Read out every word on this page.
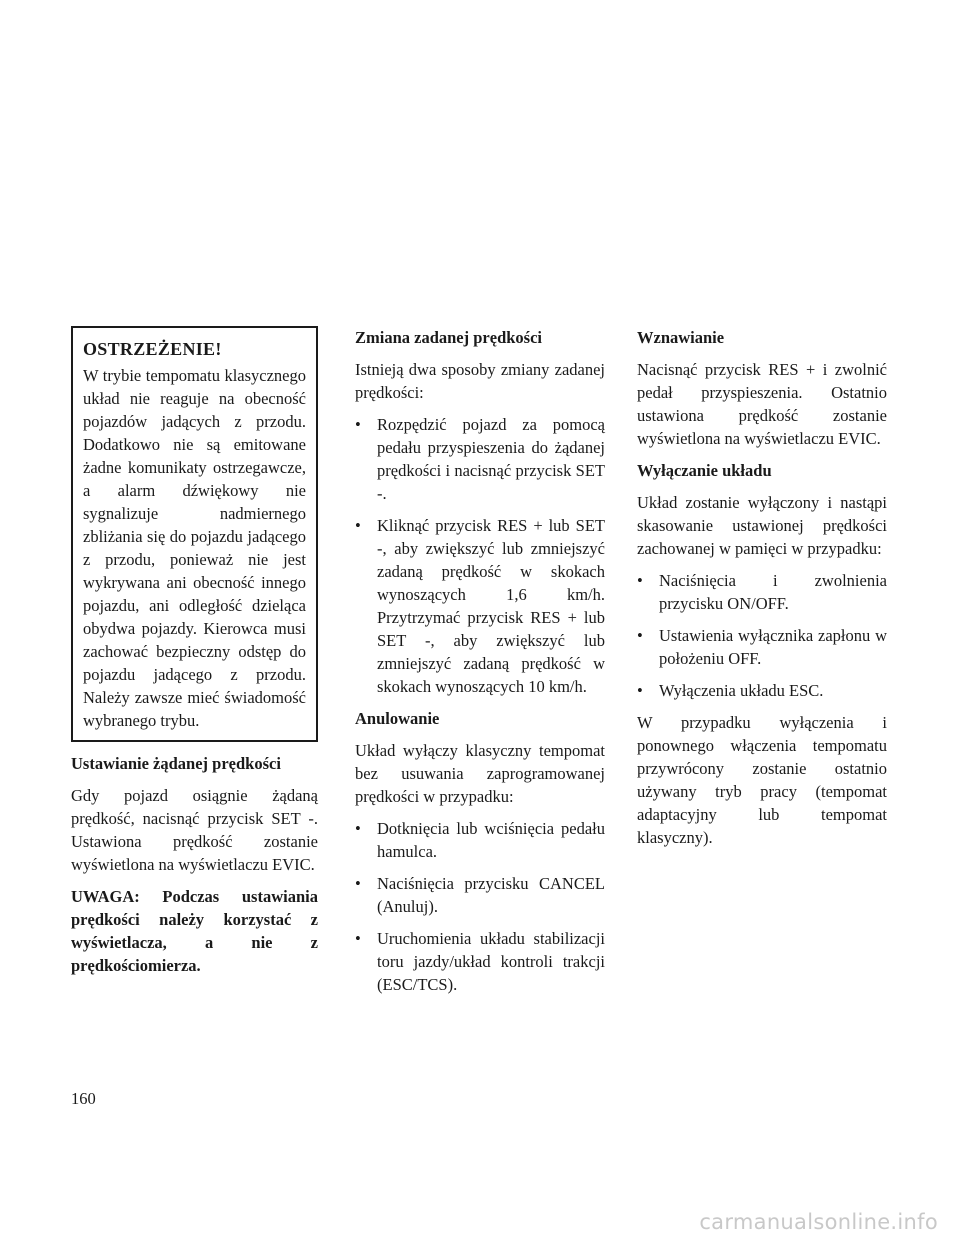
OSTRZEŻENIE!

W trybie tempomatu klasycznego układ nie reaguje na obecność pojazdów jadących z przodu. Dodatkowo nie są emitowane żadne komunikaty ostrzegawcze, a alarm dźwiękowy nie sygnalizuje nadmiernego zbliżania się do pojazdu jadącego z przodu, ponieważ nie jest wykrywana ani obecność innego pojazdu, ani odległość dzieląca obydwa pojazdy. Kierowca musi zachować bezpieczny odstęp do pojazdu jadącego z przodu. Należy zawsze mieć świadomość wybranego trybu.

Ustawianie żądanej prędkości

Gdy pojazd osiągnie żądaną prędkość, nacisnąć przycisk SET -. Ustawiona prędkość zostanie wyświetlona na wyświetlaczu EVIC.

UWAGA: Podczas ustawiania prędkości należy korzystać z wyświetlacza, a nie z prędkościomierza.

Zmiana zadanej prędkości

Istnieją dwa sposoby zmiany zadanej prędkości:

• Rozpędzić pojazd za pomocą pedału przyspieszenia do żądanej prędkości i nacisnąć przycisk SET -.
• Kliknąć przycisk RES + lub SET -, aby zwiększyć lub zmniejszyć zadaną prędkość w skokach wynoszących 1,6 km/h. Przytrzymać przycisk RES + lub SET -, aby zwiększyć lub zmniejszyć zadaną prędkość w skokach wynoszących 10 km/h.
Anulowanie

Układ wyłączy klasyczny tempomat bez usuwania zaprogramowanej prędkości w przypadku:

• Dotknięcia lub wciśnięcia pedału hamulca.
• Naciśnięcia przycisku CANCEL (Anuluj).
• Uruchomienia układu stabilizacji toru jazdy/układ kontroli trakcji (ESC/TCS).
Wznawianie

Nacisnąć przycisk RES + i zwolnić pedał przyspieszenia. Ostatnio ustawiona prędkość zostanie wyświetlona na wyświetlaczu EVIC.

Wyłączanie układu

Układ zostanie wyłączony i nastąpi skasowanie ustawionej prędkości zachowanej w pamięci w przypadku:

• Naciśnięcia i zwolnienia przycisku ON/OFF.
• Ustawienia wyłącznika zapłonu w położeniu OFF.
• Wyłączenia układu ESC.

W przypadku wyłączenia i ponownego włączenia tempomatu przywrócony zostanie ostatnio używany tryb pracy (tempomat adaptacyjny lub tempomat klasyczny).

160
carmanualsonline.info
